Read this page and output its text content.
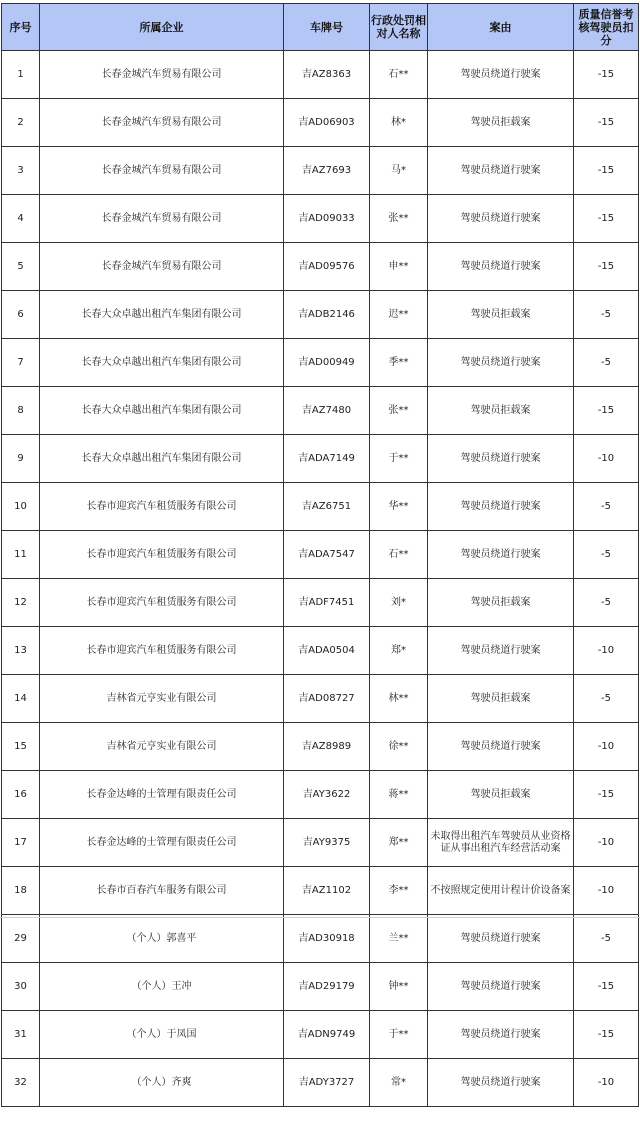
序号	所属企业	车牌号	行政处罚相对人名称	案由	质量信誉考核驾驶员扣分
1	长春金城汽车贸易有限公司	吉AZ8363	石**	驾驶员绕道行驶案	-15
2	长春金城汽车贸易有限公司	吉AD06903	林*	驾驶员拒载案	-15
3	长春金城汽车贸易有限公司	吉AZ7693	马*	驾驶员绕道行驶案	-15
4	长春金城汽车贸易有限公司	吉AD09033	张**	驾驶员绕道行驶案	-15
5	长春金城汽车贸易有限公司	吉AD09576	申**	驾驶员绕道行驶案	-15
6	长春大众卓越出租汽车集团有限公司	吉ADB2146	迟**	驾驶员拒载案	-5
7	长春大众卓越出租汽车集团有限公司	吉AD00949	季**	驾驶员绕道行驶案	-5
8	长春大众卓越出租汽车集团有限公司	吉AZ7480	张**	驾驶员拒载案	-15
9	长春大众卓越出租汽车集团有限公司	吉ADA7149	于**	驾驶员绕道行驶案	-10
10	长春市迎宾汽车租赁服务有限公司	吉AZ6751	华**	驾驶员绕道行驶案	-5
11	长春市迎宾汽车租赁服务有限公司	吉ADA7547	石**	驾驶员绕道行驶案	-5
12	长春市迎宾汽车租赁服务有限公司	吉ADF7451	刘*	驾驶员拒载案	-5
13	长春市迎宾汽车租赁服务有限公司	吉ADA0504	郑*	驾驶员绕道行驶案	-10
14	吉林省元亨实业有限公司	吉AD08727	林**	驾驶员拒载案	-5
15	吉林省元亨实业有限公司	吉AZ8989	徐**	驾驶员绕道行驶案	-10
16	长春金达峰的士管理有限责任公司	吉AY3622	蒋**	驾驶员拒载案	-15
17	长春金达峰的士管理有限责任公司	吉AY9375	郑**	未取得出租汽车驾驶员从业资格证从事出租汽车经营活动案	-10
18	长春市百春汽车服务有限公司	吉AZ1102	李**	不按照规定使用计程计价设备案	-10
29	（个人）郭喜平	吉AD30918	兰**	驾驶员绕道行驶案	-5
30	（个人）王冲	吉AD29179	钟**	驾驶员绕道行驶案	-15
31	（个人）于凤国	吉ADN9749	于**	驾驶员绕道行驶案	-15
32	（个人）齐爽	吉ADY3727	常*	驾驶员绕道行驶案	-10
